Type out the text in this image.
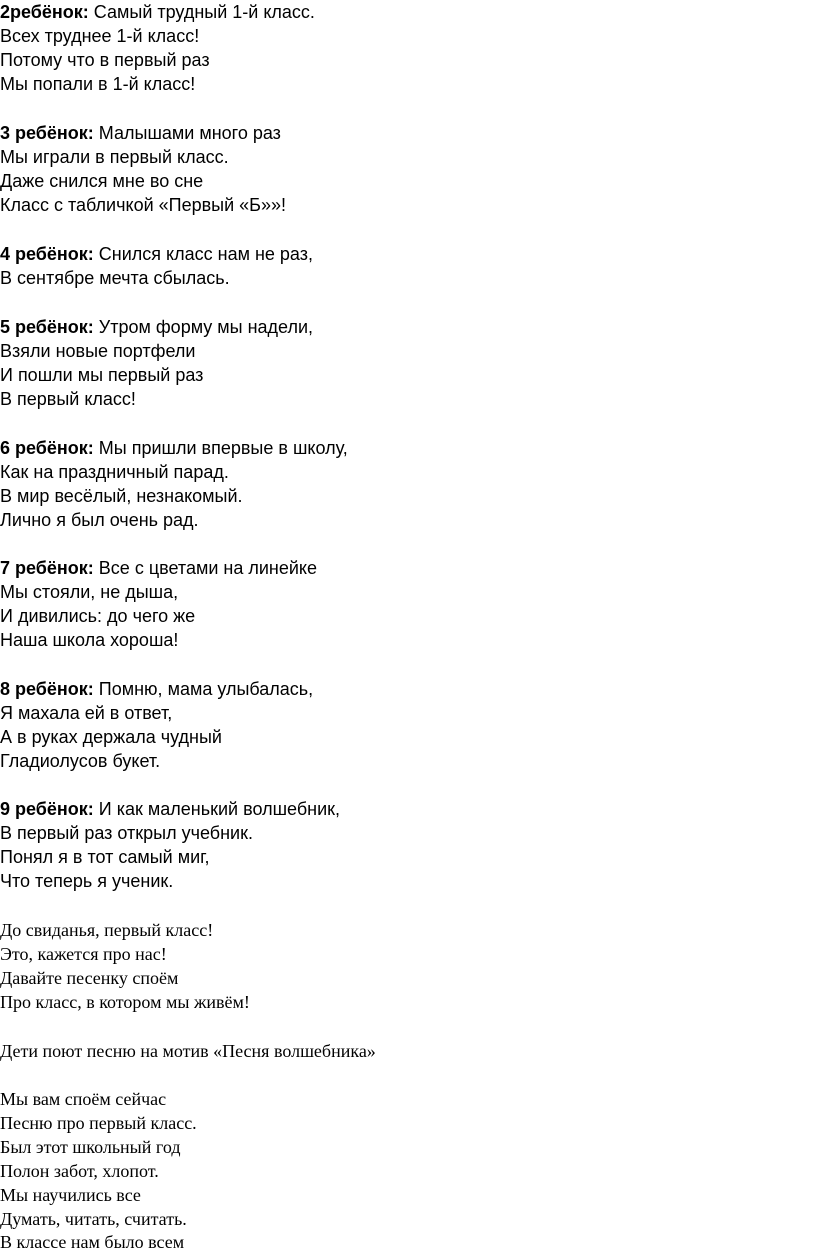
2ребёнок: Самый трудный 1-й класс.

Всех труднее 1-й класс!

Потому что в первый раз

Мы попали в 1-й класс!

3 ребёнок: Малышами много раз

Мы играли в первый класс.

Даже снился мне во сне

Класс с табличкой «Первый «Б»»!

4 ребёнок: Снился класс нам не раз,

В сентябре мечта сбылась.

5 ребёнок: Утром форму мы надели,

Взяли новые портфели

И пошли мы первый раз

В первый класс!

6 ребёнок: Мы пришли впервые в школу,

Как на праздничный парад.

В мир весёлый, незнакомый.

Лично я был очень рад.

7 ребёнок: Все с цветами на линейке

Мы стояли, не дыша,

И дивились: до чего же

Наша школа хороша!

8 ребёнок: Помню, мама улыбалась,

Я махала ей в ответ,

А в руках держала чудный

Гладиолусов букет.

9 ребёнок: И как маленький волшебник,

В первый раз открыл учебник.

Понял я в тот самый миг,

Что теперь я ученик.

До свиданья, первый класс!

Это, кажется про нас!

Давайте песенку споём

Про класс, в котором мы живём!

Дети поют песню на мотив «Песня волшебника»

Мы вам споём сейчас

Песню про первый класс.

Был этот школьный год

Полон забот, хлопот.

Мы научились все

Думать, читать, считать.

В классе нам было всем
